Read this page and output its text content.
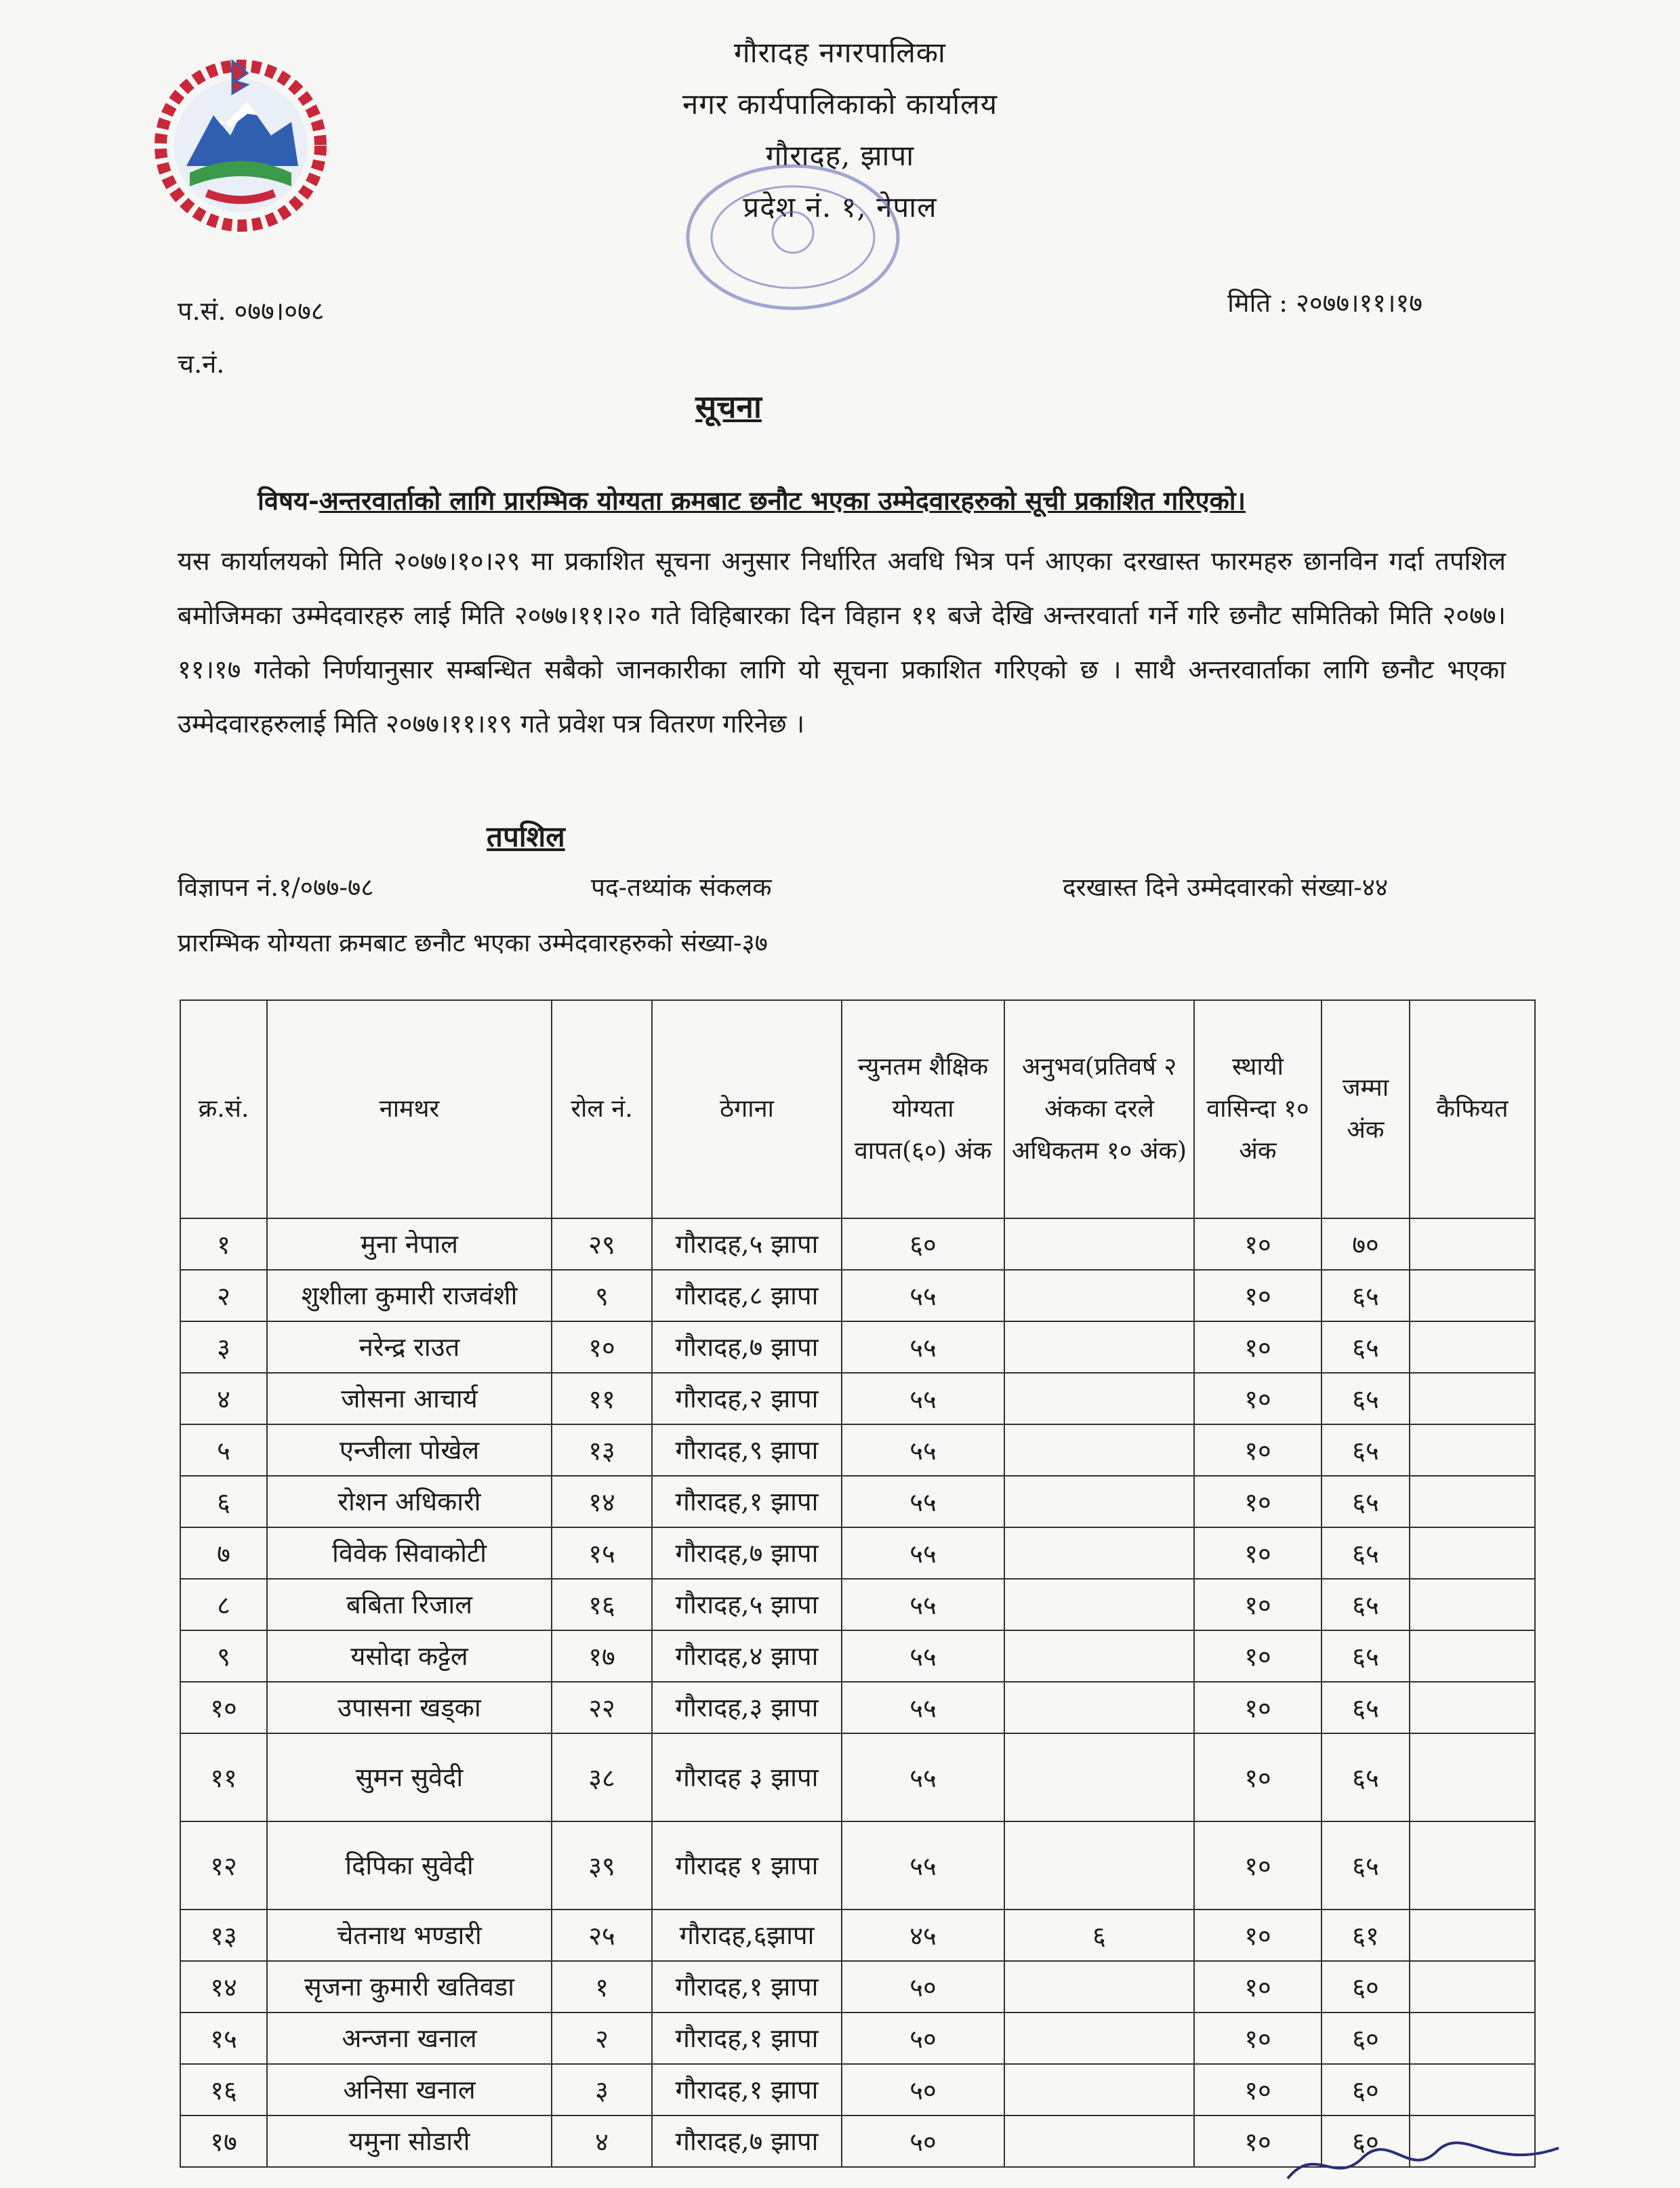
गौरादह नगरपालिका
नगर कार्यपालिकाको कार्यालय
गौरादह, झापा
प्रदेश नं. १, नेपाल
प.सं. ०७७।०७८
च.नं.
मिति : २०७७।११।१७
सूचना
विषय-अन्तरवार्ताको लागि प्रारम्भिक योग्यता क्रमबाट छनौट भएका उम्मेदवारहरुको सूची प्रकाशित गरिएको।
यस कार्यालयको मिति २०७७।१०।२९ मा प्रकाशित सूचना अनुसार निर्धारित अवधि भित्र पर्न आएका दरखास्त फारमहरु छानविन गर्दा तपशिल बमोजिमका उम्मेदवारहरु लाई मिति २०७७।११।२० गते विहिबारका दिन विहान ११ बजे देखि अन्तरवार्ता गर्ने गरि छनौट समितिको मिति २०७७।११।१७ गतेको निर्णयानुसार सम्बन्धित सबैको जानकारीका लागि यो सूचना प्रकाशित गरिएको छ । साथै अन्तरवार्ताका लागि छनौट भएका उम्मेदवारहरुलाई मिति २०७७।११।१९ गते प्रवेश पत्र वितरण गरिनेछ ।
तपशिल
विज्ञापन नं.१/०७७-७८	पद-तथ्यांक संकलक	दरखास्त दिने उम्मेदवारको संख्या-४४
प्रारम्भिक योग्यता क्रमबाट छनौट भएका उम्मेदवारहरुको संख्या-३७
क्र.सं.	नामथर	रोल नं.	ठेगाना	न्युनतम शैक्षिक योग्यता वापत(६०) अंक	अनुभव(प्रतिवर्ष २ अंकका दरले अधिकतम १० अंक)	स्थायी वासिन्दा १० अंक	जम्मा अंक	कैफियत
१	मुना नेपाल	२९	गौरादह,५ झापा	६०		१०	७०	
२	शुशीला कुमारी राजवंशी	९	गौरादह,८ झापा	५५		१०	६५	
३	नरेन्द्र राउत	१०	गौरादह,७ झापा	५५		१०	६५	
४	जोसना आचार्य	११	गौरादह,२ झापा	५५		१०	६५	
५	एन्जीला पोखेल	१३	गौरादह,९ झापा	५५		१०	६५	
६	रोशन अधिकारी	१४	गौरादह,१ झापा	५५		१०	६५	
७	विवेक सिवाकोटी	१५	गौरादह,७ झापा	५५		१०	६५	
८	बबिता रिजाल	१६	गौरादह,५ झापा	५५		१०	६५	
९	यसोदा कट्टेल	१७	गौरादह,४ झापा	५५		१०	६५	
१०	उपासना खड्का	२२	गौरादह,३ झापा	५५		१०	६५	
११	सुमन सुवेदी	३८	गौरादह ३ झापा	५५		१०	६५	
१२	दिपिका सुवेदी	३९	गौरादह १ झापा	५५		१०	६५	
१३	चेतनाथ भण्डारी	२५	गौरादह,६झापा	४५	६	१०	६१	
१४	सृजना कुमारी खतिवडा	१	गौरादह,१ झापा	५०		१०	६०	
१५	अन्जना खनाल	२	गौरादह,१ झापा	५०		१०	६०	
१६	अनिसा खनाल	३	गौरादह,१ झापा	५०		१०	६०	
१७	यमुना सोडारी	४	गौरादह,७ झापा	५०		१०	६०	
